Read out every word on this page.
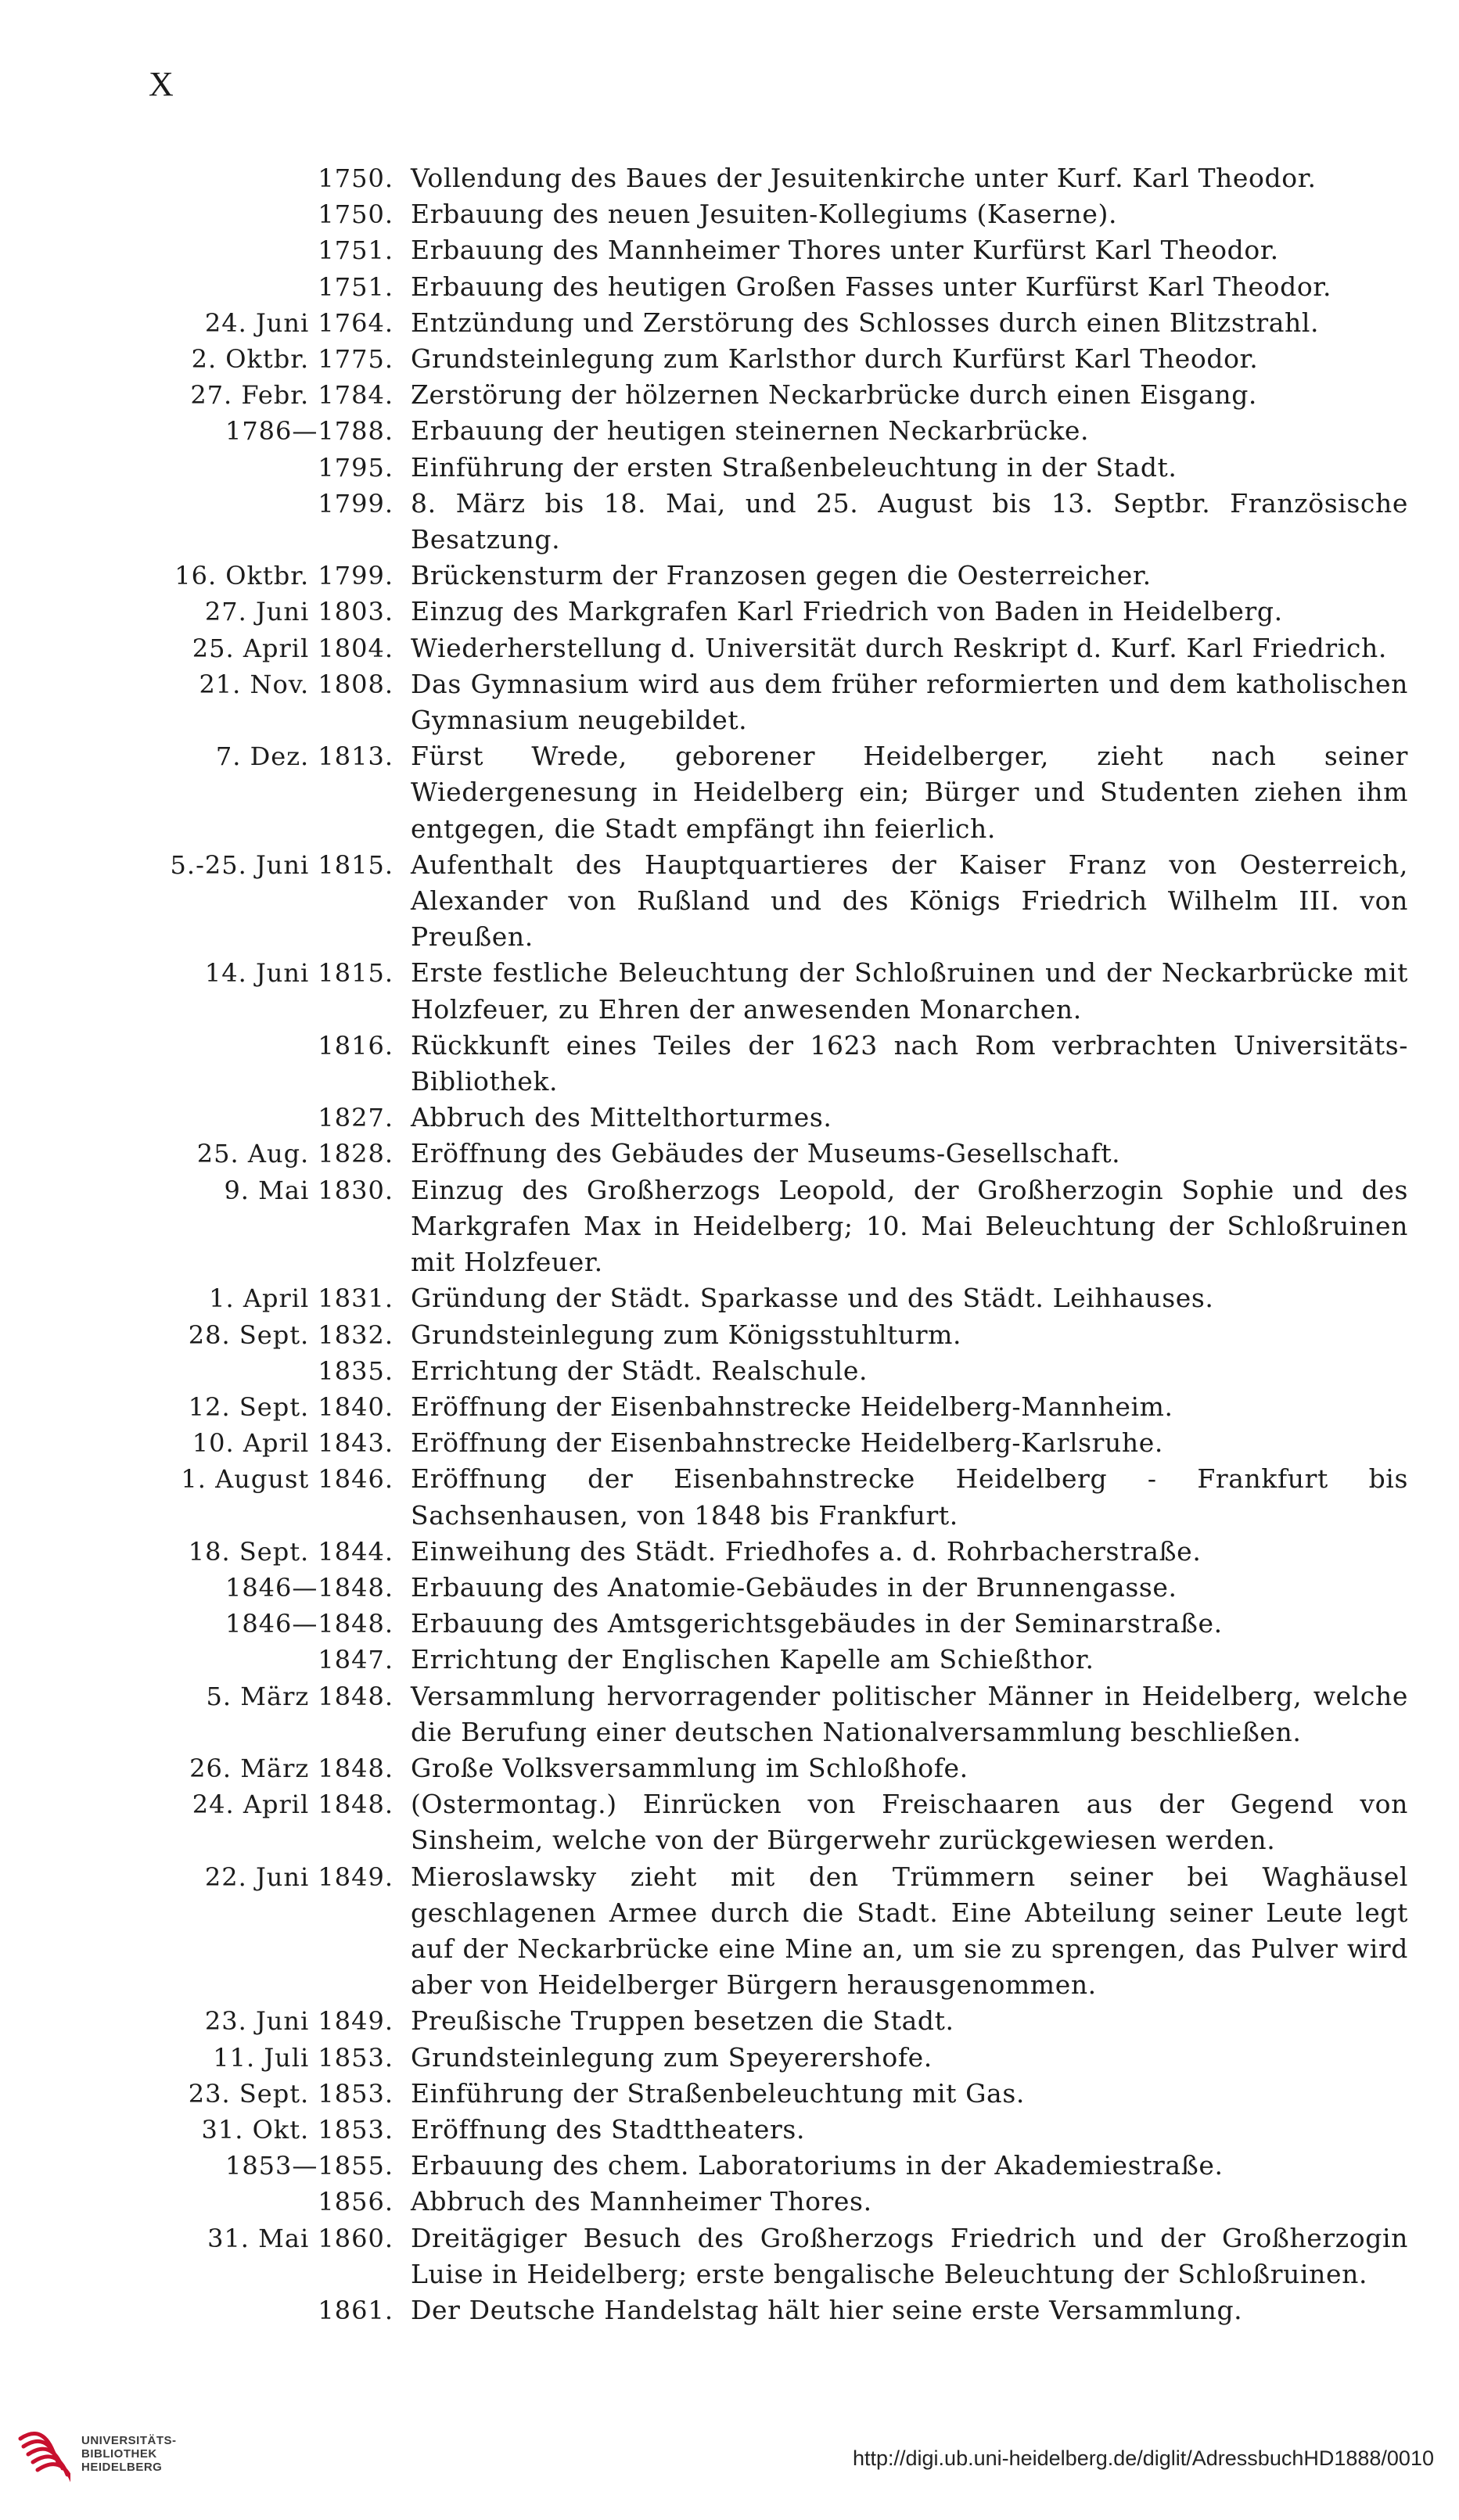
X
1750. Vollendung des Baues der Jesuitenkirche unter Kurf. Karl Theodor.
1750. Erbauung des neuen Jesuiten-Kollegiums (Kaserne).
1751. Erbauung des Mannheimer Thores unter Kurfürst Karl Theodor.
1751. Erbauung des heutigen Großen Fasses unter Kurfürst Karl Theodor.
24. Juni 1764. Entzündung und Zerstörung des Schlosses durch einen Blitzstrahl.
2. Oktbr. 1775. Grundsteinlegung zum Karlsthor durch Kurfürst Karl Theodor.
27. Febr. 1784. Zerstörung der hölzernen Neckarbrücke durch einen Eisgang.
1786—1788. Erbauung der heutigen steinernen Neckarbrücke.
1795. Einführung der ersten Straßenbeleuchtung in der Stadt.
1799. 8. März bis 18. Mai, und 25. August bis 13. Septbr. Französische Besatzung.
16. Oktbr. 1799. Brückensturm der Franzosen gegen die Oesterreicher.
27. Juni 1803. Einzug des Markgrafen Karl Friedrich von Baden in Heidelberg.
25. April 1804. Wiederherstellung d. Universität durch Reskript d. Kurf. Karl Friedrich.
21. Nov. 1808. Das Gymnasium wird aus dem früher reformierten und dem katholischen Gymnasium neugebildet.
7. Dez. 1813. Fürst Wrede, geborener Heidelberger, zieht nach seiner Wiedergenesung in Heidelberg ein; Bürger und Studenten ziehen ihm entgegen, die Stadt empfängt ihn feierlich.
5.-25. Juni 1815. Aufenthalt des Hauptquartieres der Kaiser Franz von Oesterreich, Alexander von Rußland und des Königs Friedrich Wilhelm III. von Preußen.
14. Juni 1815. Erste festliche Beleuchtung der Schloßruinen und der Neckarbrücke mit Holzfeuer, zu Ehren der anwesenden Monarchen.
1816. Rückkunft eines Teiles der 1623 nach Rom verbrachten Universitäts-Bibliothek.
1827. Abbruch des Mittelthorturmes.
25. Aug. 1828. Eröffnung des Gebäudes der Museums-Gesellschaft.
9. Mai 1830. Einzug des Großherzogs Leopold, der Großherzogin Sophie und des Markgrafen Max in Heidelberg; 10. Mai Beleuchtung der Schloßruinen mit Holzfeuer.
1. April 1831. Gründung der Städt. Sparkasse und des Städt. Leihhauses.
28. Sept. 1832. Grundsteinlegung zum Königsstuhlturm.
1835. Errichtung der Städt. Realschule.
12. Sept. 1840. Eröffnung der Eisenbahnstrecke Heidelberg-Mannheim.
10. April 1843. Eröffnung der Eisenbahnstrecke Heidelberg-Karlsruhe.
1. August 1846. Eröffnung der Eisenbahnstrecke Heidelberg - Frankfurt bis Sachsenhausen, von 1848 bis Frankfurt.
18. Sept. 1844. Einweihung des Städt. Friedhofes a. d. Rohrbacherstraße.
1846—1848. Erbauung des Anatomie-Gebäudes in der Brunnengasse.
1846—1848. Erbauung des Amtsgerichtsgebäudes in der Seminarstraße.
1847. Errichtung der Englischen Kapelle am Schießthor.
5. März 1848. Versammlung hervorragender politischer Männer in Heidelberg, welche die Berufung einer deutschen Nationalversammlung beschließen.
26. März 1848. Große Volksversammlung im Schloßhofe.
24. April 1848. (Ostermontag.) Einrücken von Freischaaren aus der Gegend von Sinsheim, welche von der Bürgerwehr zurückgewiesen werden.
22. Juni 1849. Mieroslawsky zieht mit den Trümmern seiner bei Waghäusel geschlagenen Armee durch die Stadt. Eine Abteilung seiner Leute legt auf der Neckarbrücke eine Mine an, um sie zu sprengen, das Pulver wird aber von Heidelberger Bürgern herausgenommen.
23. Juni 1849. Preußische Truppen besetzen die Stadt.
11. Juli 1853. Grundsteinlegung zum Speyerershofe.
23. Sept. 1853. Einführung der Straßenbeleuchtung mit Gas.
31. Okt. 1853. Eröffnung des Stadttheaters.
1853—1855. Erbauung des chem. Laboratoriums in der Akademiestraße.
1856. Abbruch des Mannheimer Thores.
31. Mai 1860. Dreitägiger Besuch des Großherzogs Friedrich und der Großherzogin Luise in Heidelberg; erste bengalische Beleuchtung der Schloßruinen.
1861. Der Deutsche Handelstag hält hier seine erste Versammlung.
UNIVERSITÄTS-
BIBLIOTHEK
HEIDELBERG	http://digi.ub.uni-heidelberg.de/diglit/AdressbuchHD1888/0010
